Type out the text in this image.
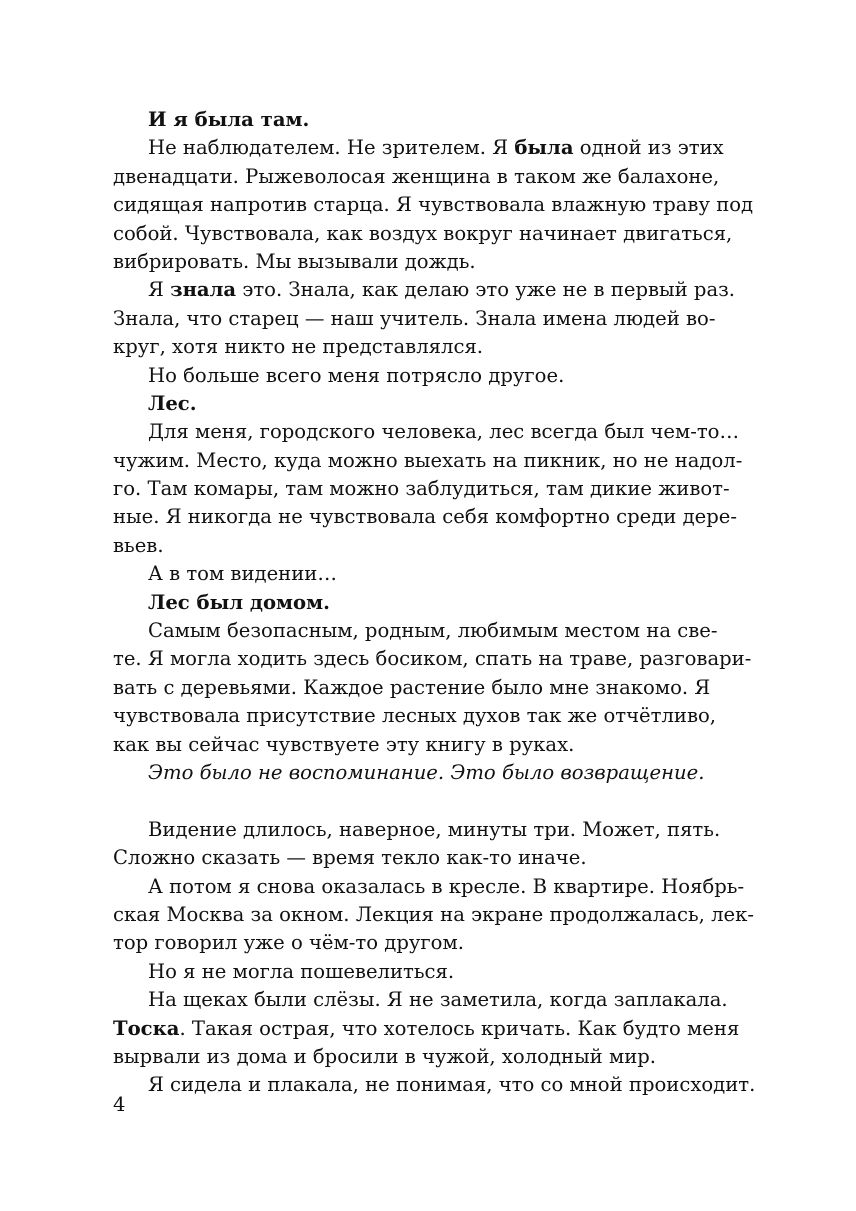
И я была там.
Не наблюдателем. Не зрителем. Я была одной из этих
двенадцати. Рыжеволосая женщина в таком же балахоне,
сидящая напротив старца. Я чувствовала влажную траву под
собой. Чувствовала, как воздух вокруг начинает двигаться,
вибрировать. Мы вызывали дождь.
Я знала это. Знала, как делаю это уже не в первый раз.
Знала, что старец — наш учитель. Знала имена людей во-
круг, хотя никто не представлялся.
Но больше всего меня потрясло другое.
Лес.
Для меня, городского человека, лес всегда был чем-то…
чужим. Место, куда можно выехать на пикник, но не надол-
го. Там комары, там можно заблудиться, там дикие живот-
ные. Я никогда не чувствовала себя комфортно среди дере-
вьев.
А в том видении…
Лес был домом.
Самым безопасным, родным, любимым местом на све-
те. Я могла ходить здесь босиком, спать на траве, разговари-
вать с деревьями. Каждое растение было мне знакомо. Я
чувствовала присутствие лесных духов так же отчётливо,
как вы сейчас чувствуете эту книгу в руках.
Это было не воспоминание. Это было возвращение.
Видение длилось, наверное, минуты три. Может, пять.
Сложно сказать — время текло как-то иначе.
А потом я снова оказалась в кресле. В квартире. Ноябрь-
ская Москва за окном. Лекция на экране продолжалась, лек-
тор говорил уже о чём-то другом.
Но я не могла пошевелиться.
На щеках были слёзы. Я не заметила, когда заплакала.
Тоска. Такая острая, что хотелось кричать. Как будто меня
вырвали из дома и бросили в чужой, холодный мир.
Я сидела и плакала, не понимая, что со мной происходит.
4
